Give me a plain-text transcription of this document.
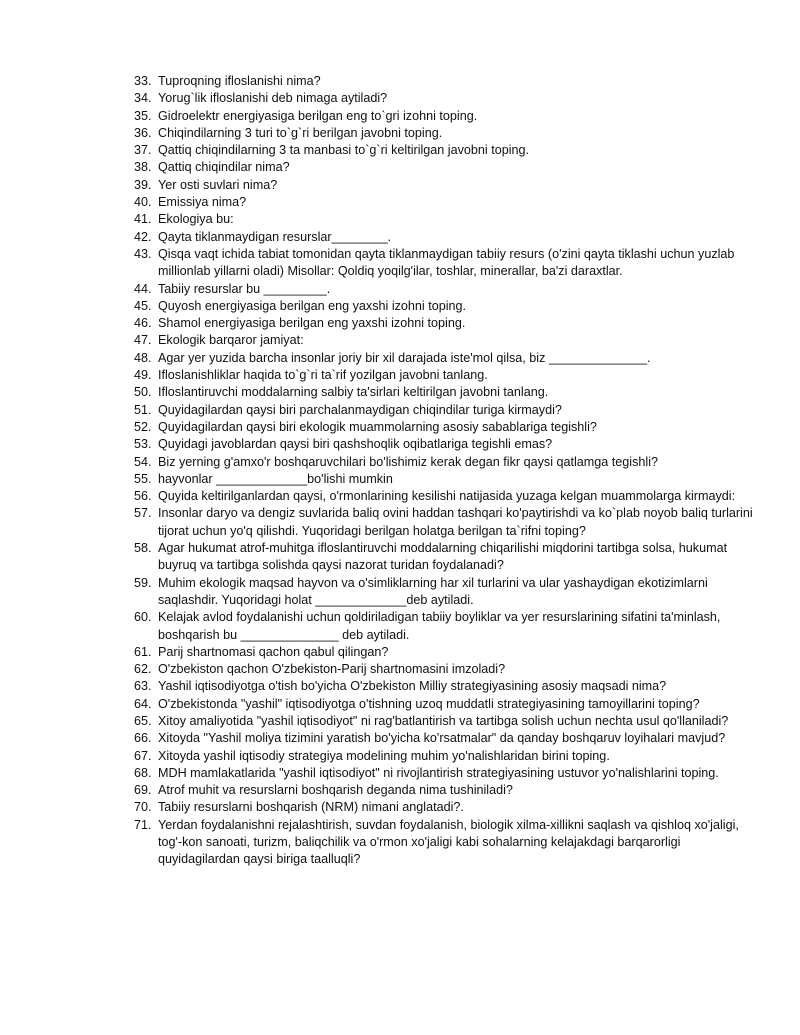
33. Tuproqning ifloslanishi nima?
34. Yorug`lik ifloslanishi deb nimaga aytiladi?
35. Gidroelektr energiyasiga berilgan eng to`gri izohni toping.
36. Chiqindilarning 3 turi to`g`ri berilgan javobni toping.
37. Qattiq chiqindilarning 3 ta manbasi to`g`ri keltirilgan javobni toping.
38. Qattiq chiqindilar nima?
39. Yer osti suvlari nima?
40. Emissiya nima?
41. Ekologiya bu:
42. Qayta tiklanmaydigan resurslar________.
43. Qisqa vaqt ichida tabiat tomonidan qayta tiklanmaydigan tabiiy resurs (o'zini qayta tiklashi uchun yuzlab millionlab yillarni oladi) Misollar: Qoldiq yoqilg'ilar, toshlar, minerallar, ba'zi daraxtlar.
44. Tabiiy resurslar bu _________.
45. Quyosh energiyasiga berilgan eng yaxshi izohni toping.
46. Shamol energiyasiga berilgan eng yaxshi izohni toping.
47. Ekologik barqaror jamiyat:
48. Agar yer yuzida barcha insonlar joriy bir xil darajada iste'mol qilsa, biz ______________.
49. Ifloslanishliklar haqida to`g`ri ta`rif yozilgan javobni tanlang.
50. Ifloslantiruvchi moddalarning salbiy ta'sirlari keltirilgan javobni tanlang.
51. Quyidagilardan qaysi biri parchalanmaydigan chiqindilar turiga kirmaydi?
52. Quyidagilardan qaysi biri ekologik muammolarning asosiy sabablariga tegishli?
53. Quyidagi javoblardan qaysi biri qashshoqlik oqibatlariga tegishli emas?
54. Biz yerning g'amxo'r boshqaruvchilari bo'lishimiz kerak degan fikr qaysi qatlamga tegishli?
55. hayvonlar _____________bo'lishi mumkin
56. Quyida keltirilganlardan qaysi, o'rmonlarining kesilishi natijasida yuzaga kelgan muammolarga kirmaydi:
57. Insonlar daryo va dengiz suvlarida baliq ovini haddan tashqari ko'paytirishdi va ko`plab noyob baliq turlarini tijorat uchun yo'q qilishdi. Yuqoridagi berilgan holatga berilgan ta`rifni toping?
58. Agar hukumat atrof-muhitga ifloslantiruvchi moddalarning chiqarilishi miqdorini tartibga solsa, hukumat buyruq va tartibga solishda qaysi nazorat turidan foydalanadi?
59. Muhim ekologik maqsad hayvon va o'simliklarning har xil turlarini va ular yashaydigan ekotizimlarni saqlashdir. Yuqoridagi holat _____________deb aytiladi.
60. Kelajak avlod foydalanishi uchun qoldiriladigan tabiiy boyliklar va yer resurslarining sifatini ta'minlash, boshqarish bu ______________ deb aytiladi.
61. Parij shartnomasi qachon qabul qilingan?
62. O'zbekiston qachon O'zbekiston-Parij shartnomasini imzoladi?
63. Yashil iqtisodiyotga o'tish bo'yicha O'zbekiston Milliy strategiyasining asosiy maqsadi nima?
64. O'zbekistonda "yashil" iqtisodiyotga o'tishning uzoq muddatli strategiyasining tamoyillarini toping?
65. Xitoy amaliyotida "yashil iqtisodiyot" ni rag'batlantirish va tartibga solish uchun nechta usul qo'llaniladi?
66. Xitoyda "Yashil moliya tizimini yaratish bo'yicha ko'rsatmalar" da qanday boshqaruv loyihalari mavjud?
67. Xitoyda yashil iqtisodiy strategiya modelining muhim yo'nalishlaridan birini toping.
68. MDH mamlakatlarida "yashil iqtisodiyot" ni rivojlantirish strategiyasining ustuvor yo'nalishlarini toping.
69. Atrof muhit va resurslarni boshqarish deganda nima tushiniladi?
70. Tabiiy resurslarni boshqarish (NRM) nimani anglatadi?.
71. Yerdan foydalanishni rejalashtirish, suvdan foydalanish, biologik xilma-xillikni saqlash va qishloq xo'jaligi, tog'-kon sanoati, turizm, baliqchilik va o'rmon xo'jaligi kabi sohalarning kelajakdagi barqarorligi quyidagilardan qaysi biriga taalluqli?
